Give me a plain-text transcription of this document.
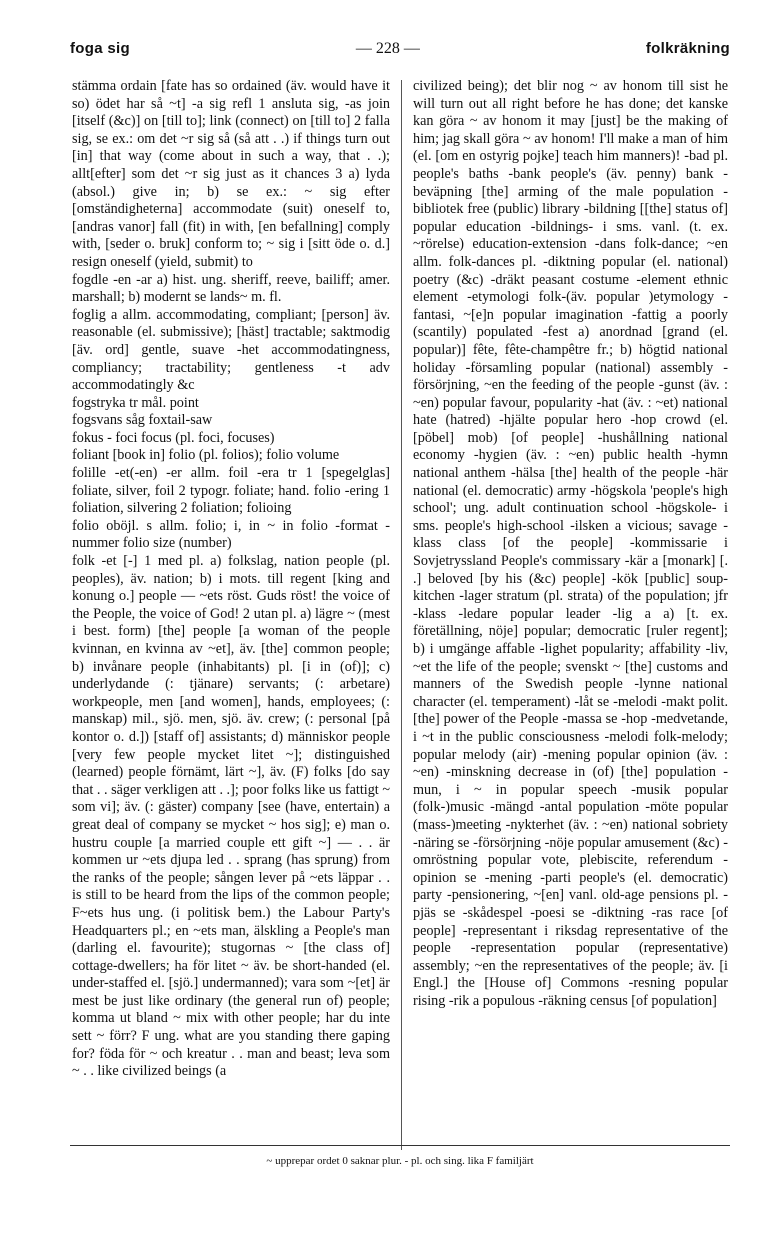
foga sig	— 228 —	folkräkning

stämma ordain [fate has so ordained (äv. would have it so) ödet har så ~t] -a sig refl 1 ansluta sig, -as join [itself (&c)] on [till to]; link (connect) on [till to] 2 falla sig, se ex.: om det ~r sig så (så att . .) if things turn out [in] that way (come about in such a way, that . .); allt[efter] som det ~r sig just as it chances 3 a) lyda (absol.) give in; b) se ex.: ~ sig efter [omständigheterna] accommodate (suit) oneself to, [andras vanor] fall (fit) in with, [en befallning] comply with, [seder o. bruk] conform to; ~ sig i [sitt öde o. d.] resign oneself (yield, submit) to

fogdle -en -ar a) hist. ung. sheriff, reeve, bailiff; amer. marshall; b) modernt se lands~ m. fl.

foglig a allm. accommodating, compliant; [person] äv. reasonable (el. submissive); [häst] tractable; saktmodig [äv. ord] gentle, suave -het accommodatingness, compliancy; tractability; gentleness -t adv accommodatingly &c

fogstryka tr mål. point

fogsvans såg foxtail-saw

fokus - foci focus (pl. foci, focuses)

foliant [book in] folio (pl. folios); folio volume

folille -et(-en) -er allm. foil -era tr 1 [spegelglas] foliate, silver, foil 2 typogr. foliate; hand. folio -ering 1 foliation, silvering 2 foliation; folioing

folio oböjl. s allm. folio; i, in ~ in folio -format -nummer folio size (number)

folk -et [-] 1 med pl. a) folkslag, nation people (pl. peoples), äv. nation; b) i mots. till regent [king and konung o.] people — ~ets röst. Guds röst! the voice of the People, the voice of God! 2 utan pl. a) lägre ~ (mest i best. form) [the] people [a woman of the people kvinnan, en kvinna av ~et], äv. [the] common people; b) invånare people (inhabitants) pl. [i in (of)]; c) underlydande (: tjänare) servants; (: arbetare) workpeople, men [and women], hands, employees; (: manskap) mil., sjö. men, sjö. äv. crew; (: personal [på kontor o. d.]) [staff of] assistants; d) människor people [very few people mycket litet ~]; distinguished (learned) people förnämt, lärt ~], äv. (F) folks [do say that . . säger verkligen att . .]; poor folks like us fattigt ~ som vi]; äv. (: gäster) company [see (have, entertain) a great deal of company se mycket ~ hos sig]; e) man o. hustru couple [a married couple ett gift ~] — . . är kommen ur ~ets djupa led . . sprang (has sprung) from the ranks of the people; sången lever på ~ets läppar . . is still to be heard from the lips of the common people; F~ets hus ung. (i politisk bem.) the Labour Party's Headquarters pl.; en ~ets man, älskling a People's man (darling el. favourite); stugornas ~ [the class of] cottage-dwellers; ha för litet ~ äv. be short-handed (el. under-staffed el. [sjö.] undermanned); vara som ~[et] är mest be just like ordinary (the general run of) people; komma ut bland ~ mix with other people; har du inte sett ~ förr? F ung. what are you standing there gaping for? föda för ~ och kreatur . . man and beast; leva som ~ . . like civilized beings (a

civilized being); det blir nog ~ av honom till sist he will turn out all right before he has done; det kanske kan göra ~ av honom it may [just] be the making of him; jag skall göra ~ av honom! I'll make a man of him (el. [om en ostyrig pojke] teach him manners)! -bad pl. people's baths -bank people's (äv. penny) bank -beväpning [the] arming of the male population -bibliotek free (public) library -bildning [[the] status of] popular education -bildnings- i sms. vanl. (t. ex. ~rörelse) education-extension -dans folk-dance; ~en allm. folk-dances pl. -diktning popular (el. national) poetry (&c) -dräkt peasant costume -element ethnic element -etymologi folk-(äv. popular )etymology -fantasi, ~[e]n popular imagination -fattig a poorly (scantily) populated -fest a) anordnad [grand (el. popular)] fête, fête-champêtre fr.; b) högtid national holiday -församling popular (national) assembly -försörjning, ~en the feeding of the people -gunst (äv. : ~en) popular favour, popularity -hat (äv. : ~et) national hate (hatred) -hjälte popular hero -hop crowd (el. [pöbel] mob) [of people] -hushållning national economy -hygien (äv. : ~en) public health -hymn national anthem -hälsa [the] health of the people -här national (el. democratic) army -högskola 'people's high school'; ung. adult continuation school -högskole- i sms. people's high-school -ilsken a vicious; savage -klass class [of the people] -kommissarie i Sovjetryssland People's commissary -kär a [monark] [. .] beloved [by his (&c) people] -kök [public] soup-kitchen -lager stratum (pl. strata) of the population; jfr -klass -ledare popular leader -lig a a) [t. ex. företällning, nöje] popular; democratic [ruler regent]; b) i umgänge affable -lighet popularity; affability -liv, ~et the life of the people; svenskt ~ [the] customs and manners of the Swedish people -lynne national character (el. temperament) -låt se -melodi -makt polit. [the] power of the People -massa se -hop -medvetande, i ~t in the public consciousness -melodi folk-melody; popular melody (air) -mening popular opinion (äv. : ~en) -minskning decrease in (of) [the] population -mun, i ~ in popular speech -musik popular (folk-)music -mängd -antal population -möte popular (mass-)meeting -nykterhet (äv. : ~en) national sobriety -näring se -försörjning -nöje popular amusement (&c) -omröstning popular vote, plebiscite, referendum -opinion se -mening -parti people's (el. democratic) party -pensionering, ~[en] vanl. old-age pensions pl. -pjäs se -skådespel -poesi se -diktning -ras race [of people] -representant i riksdag representative of the people -representation popular (representative) assembly; ~en the representatives of the people; äv. [i Engl.] the [House of] Commons -resning popular rising -rik a populous -räkning census [of population]

~ upprepar ordet 0 saknar plur. - pl. och sing. lika F familjärt
